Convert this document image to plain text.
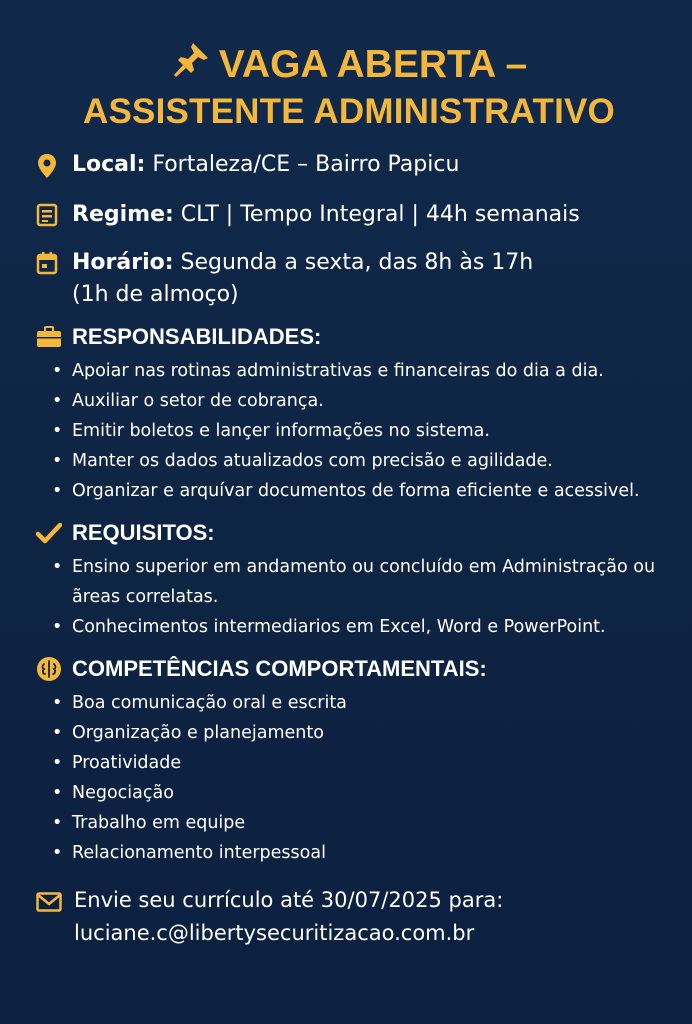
VAGA ABERTA –
ASSISTENTE ADMINISTRATIVO
Local: Fortaleza/CE – Bairro Papicu
Regime: CLT | Tempo Integral | 44h semanais
Horário: Segunda a sexta, das 8h às 17h
(1h de almoço)
RESPONSABILIDADES:
• Apoiar nas rotinas administrativas e financeiras do dia a dia.
• Auxiliar o setor de cobrança.
• Emitir boletos e lançer informações no sistema.
• Manter os dados atualizados com precisão e agilidade.
• Organizar e arquívar documentos de forma eficiente e acessivel.
REQUISITOS:
• Ensino superior em andamento ou concluído em Administração ou ãreas correlatas.
• Conhecimentos intermediarios em Excel, Word e PowerPoint.
COMPETÊNCIAS COMPORTAMENTAIS:
• Boa comunicação oral e escrita
• Organização e planejamento
• Proatividade
• Negociação
• Trabalho em equipe
• Relacionamento interpessoal
Envie seu currículo até 30/07/2025 para:
luciane.c@libertysecuritizacao.com.br
